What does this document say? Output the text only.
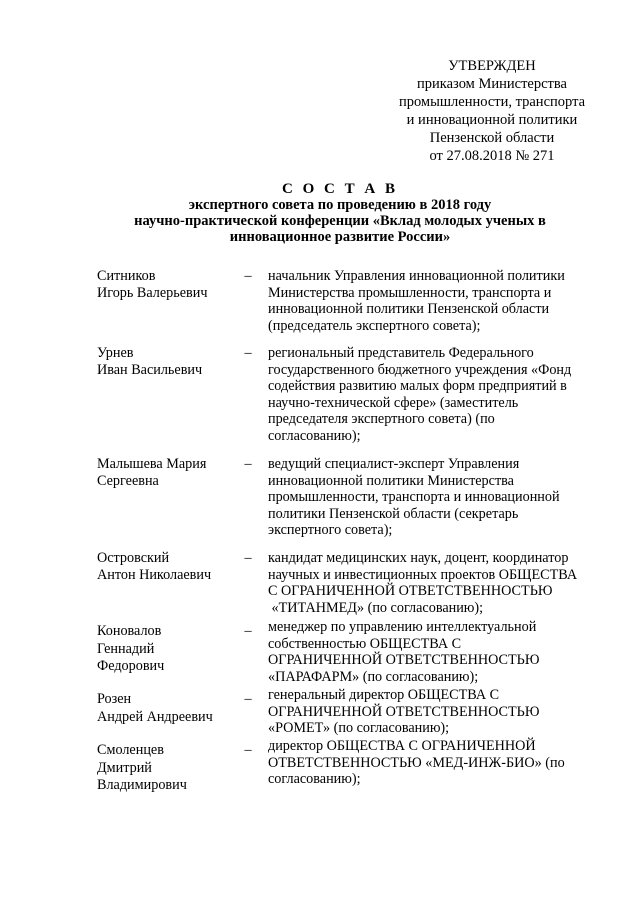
УТВЕРЖДЕН
приказом Министерства
промышленности, транспорта
и инновационной политики
Пензенской области
от 27.08.2018 № 271
С О С Т А В
экспертного совета по проведению в 2018 году
научно-практической конференции «Вклад молодых ученых в
инновационное развитие России»
Ситников
Игорь Валерьевич
– начальник Управления инновационной политики
Министерства промышленности, транспорта и
инновационной политики Пензенской области
(председатель экспертного совета);
Урнев
Иван Васильевич
– региональный представитель Федерального
государственного бюджетного учреждения «Фонд
содействия развитию малых форм предприятий в
научно-технической сфере» (заместитель
председателя экспертного совета) (по
согласованию);
Малышева Мария
Сергеевна
– ведущий специалист-эксперт Управления
инновационной политики Министерства
промышленности, транспорта и инновационной
политики Пензенской области (секретарь
экспертного совета);
Островский
Антон Николаевич
– кандидат медицинских наук, доцент, координатор
научных и инвестиционных проектов ОБЩЕСТВА
С ОГРАНИЧЕННОЙ ОТВЕТСТВЕННОСТЬЮ
«ТИТАНМЕД» (по согласованию);
Коновалов
Геннадий
Федорович
– менеджер по управлению интеллектуальной
собственностью ОБЩЕСТВА С
ОГРАНИЧЕННОЙ ОТВЕТСТВЕННОСТЬЮ
«ПАРАФАРМ» (по согласованию);
Розен
Андрей Андреевич
– генеральный директор ОБЩЕСТВА С
ОГРАНИЧЕННОЙ ОТВЕТСТВЕННОСТЬЮ
«РОМЕТ» (по согласованию);
Смоленцев
Дмитрий
Владимирович
– директор ОБЩЕСТВА С ОГРАНИЧЕННОЙ
ОТВЕТСТВЕННОСТЬЮ «МЕД-ИНЖ-БИО» (по
согласованию);
